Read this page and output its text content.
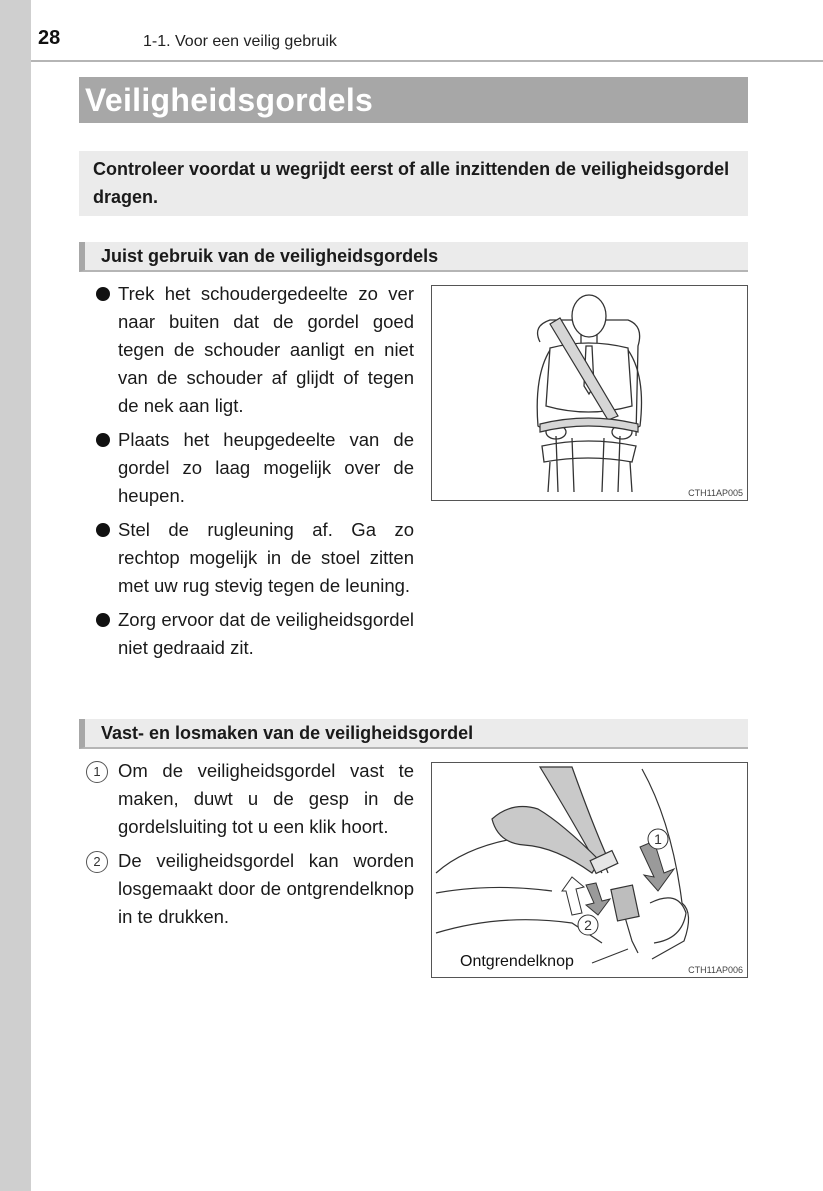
28	1-1. Voor een veilig gebruik
Veiligheidsgordels
Controleer voordat u wegrijdt eerst of alle inzittenden de veiligheidsgordel dragen.
Juist gebruik van de veiligheidsgordels
Trek het schoudergedeelte zo ver naar buiten dat de gordel goed tegen de schouder aanligt en niet van de schouder af glijdt of tegen de nek aan ligt.
Plaats het heupgedeelte van de gordel zo laag mogelijk over de heupen.
Stel de rugleuning af. Ga zo rechtop mogelijk in de stoel zitten met uw rug stevig tegen de leuning.
Zorg ervoor dat de veiligheidsgordel niet gedraaid zit.
CTH11AP005
Vast- en losmaken van de veiligheidsgordel
1 Om de veiligheidsgordel vast te maken, duwt u de gesp in de gordelsluiting tot u een klik hoort.
2 De veiligheidsgordel kan worden losgemaakt door de ontgrendelknop in te drukken.
1
2
Ontgrendelknop	CTH11AP006
